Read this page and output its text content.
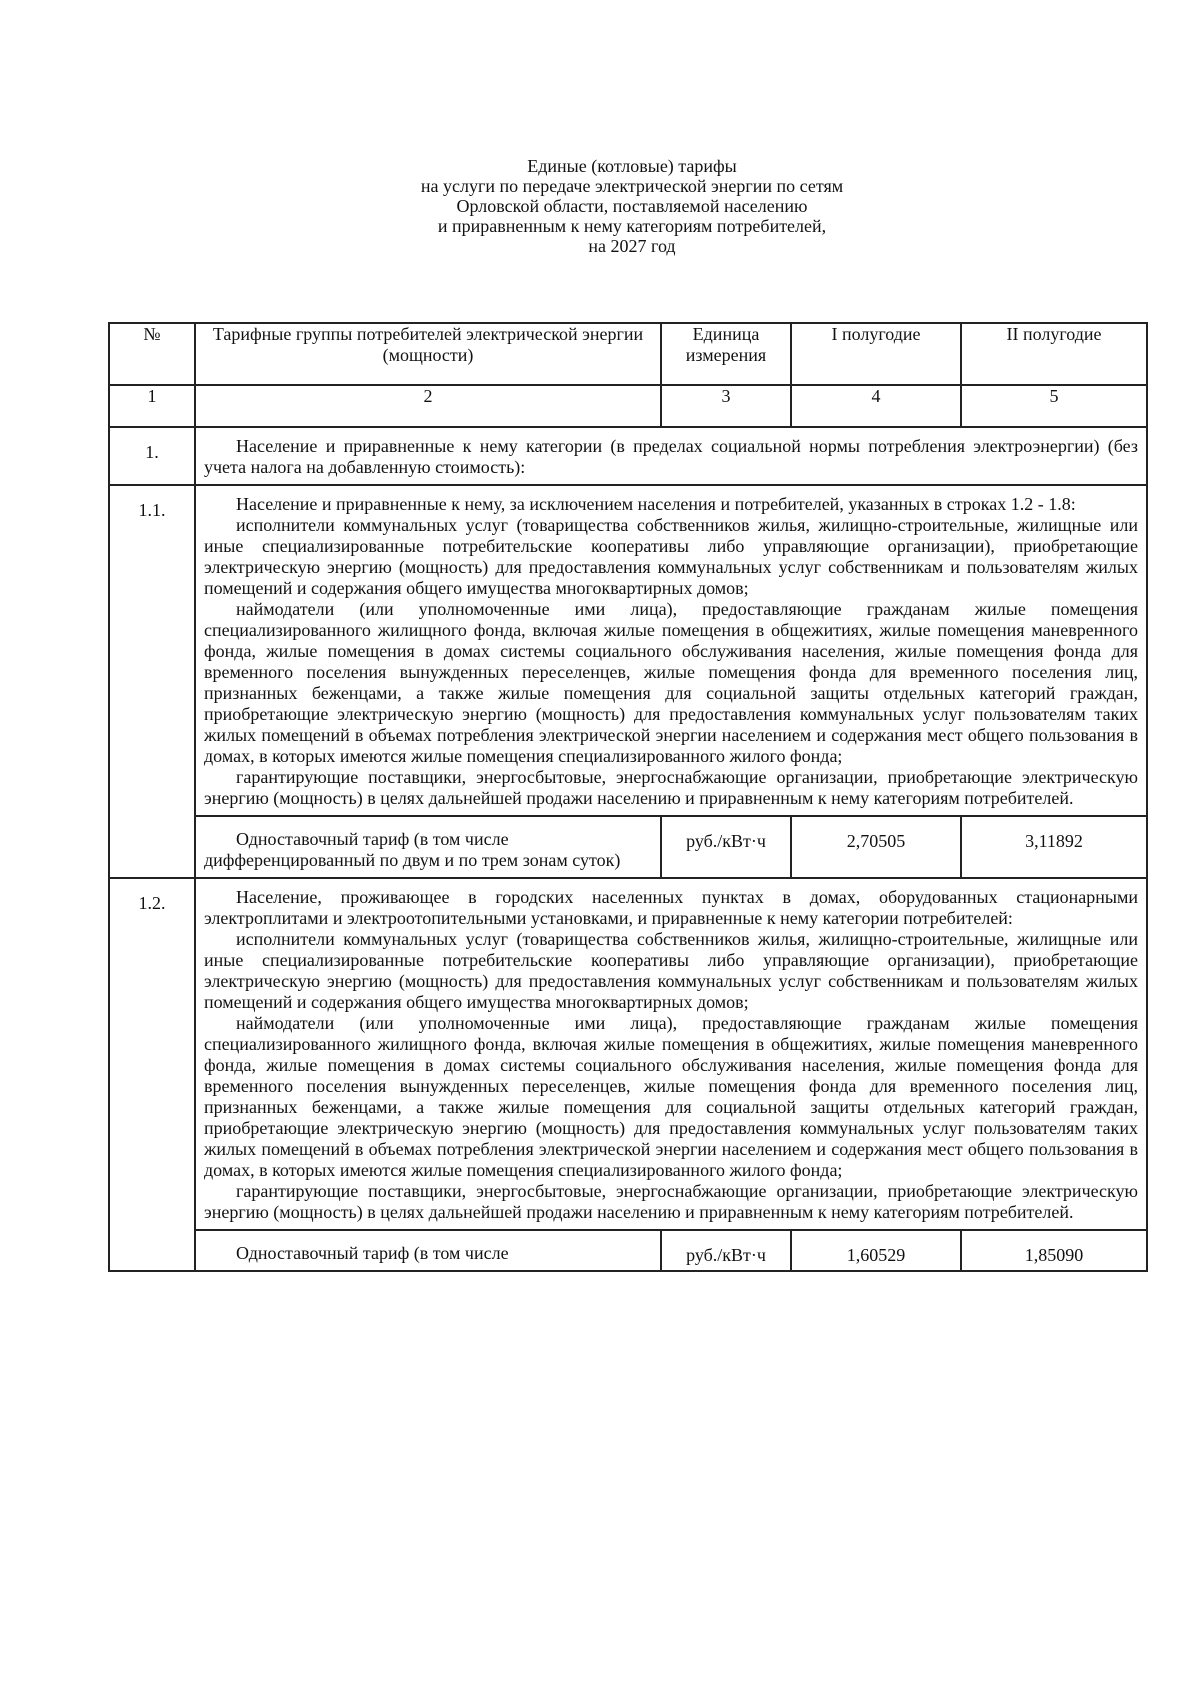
Единые (котловые) тарифы
на услуги по передаче электрической энергии по сетям
Орловской области, поставляемой населению
и приравненным к нему категориям потребителей,
на 2027 год
№	Тарифные группы потребителей электрической энергии (мощности)	Единица измерения	I полугодие	II полугодие
1	2	3	4	5
1.	Население и приравненные к нему категории (в пределах социальной нормы потребления электроэнергии) (без учета налога на добавленную стоимость):			

1.1.	Население и приравненные к нему, за исключением населения и потребителей, указанных в строках 1.2 - 1.8:

исполнители коммунальных услуг (товарищества собственников жилья, жилищно-строительные, жилищные или иные специализированные потребительские кооперативы либо управляющие организации), приобретающие электрическую энергию (мощность) для предоставления коммунальных услуг собственникам и пользователям жилых помещений и содержания общего имущества многоквартирных домов;

наймодатели (или уполномоченные ими лица), предоставляющие гражданам жилые помещения специализированного жилищного фонда, включая жилые помещения в общежитиях, жилые помещения маневренного фонда, жилые помещения в домах системы социального обслуживания населения, жилые помещения фонда для временного поселения вынужденных переселенцев, жилые помещения фонда для временного поселения лиц, признанных беженцами, а также жилые помещения для социальной защиты отдельных категорий граждан, приобретающие электрическую энергию (мощность) для предоставления коммунальных услуг пользователям таких жилых помещений в объемах потребления электрической энергии населением и содержания мест общего пользования в домах, в которых имеются жилые помещения специализированного жилого фонда;

гарантирующие поставщики, энергосбытовые, энергоснабжающие организации, приобретающие электрическую энергию (мощность) в целях дальнейшей продажи населению и приравненным к нему категориям потребителей.			

	Одноставочный тариф (в том числе дифференцированный по двум и по трем зонам суток)	руб./кВт·ч	2,70505	3,11892
1.2.	Население, проживающее в городских населенных пунктах в домах, оборудованных стационарными электроплитами и электроотопительными установками, и приравненные к нему категории потребителей:

исполнители коммунальных услуг (товарищества собственников жилья, жилищно-строительные, жилищные или иные специализированные потребительские кооперативы либо управляющие организации), приобретающие электрическую энергию (мощность) для предоставления коммунальных услуг собственникам и пользователям жилых помещений и содержания общего имущества многоквартирных домов;

наймодатели (или уполномоченные ими лица), предоставляющие гражданам жилые помещения специализированного жилищного фонда, включая жилые помещения в общежитиях, жилые помещения маневренного фонда, жилые помещения в домах системы социального обслуживания населения, жилые помещения фонда для временного поселения вынужденных переселенцев, жилые помещения фонда для временного поселения лиц, признанных беженцами, а также жилые помещения для социальной защиты отдельных категорий граждан, приобретающие электрическую энергию (мощность) для предоставления коммунальных услуг пользователям таких жилых помещений в объемах потребления электрической энергии населением и содержания мест общего пользования в домах, в которых имеются жилые помещения специализированного жилого фонда;

гарантирующие поставщики, энергосбытовые, энергоснабжающие организации, приобретающие электрическую энергию (мощность) в целях дальнейшей продажи населению и приравненным к нему категориям потребителей.			

	Одноставочный тариф (в том числе	руб./кВт·ч	1,60529	1,85090
